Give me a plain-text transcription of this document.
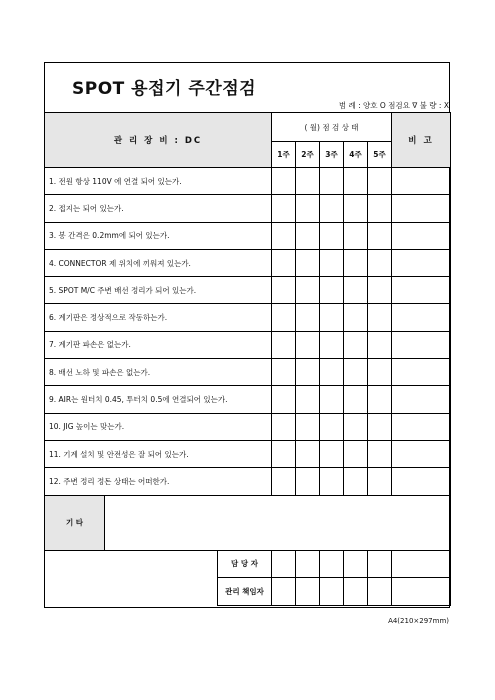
SPOT 용접기 주간점검
범 례 : 양호 O 점검요 ∇ 불 량 : X
관 리 장 비 : DC			( 월) 점 검 상 태					비 고
			1주	2주	3주	4주	5주	
1. 전원 항상 110V 에 연결 되어 있는가.								
2. 접지는 되어 있는가.								
3. 봉 간격은 0.2mm에 되어 있는가.								
4. CONNECTOR 제 위치에 끼워져 있는가.								
5. SPOT M/C 주변 배선 정리가 되어 있는가.								
6. 계기판은 정상적으로 작동하는가.								
7. 계기판 파손은 없는가.								
8. 배선 노하 및 파손은 없는가.								
9. AIR는 원터치 0.45, 투터치 0.5에 연결되어 있는가.								
10. JIG 높이는 맞는가.								
11. 기계 설치 및 안전성은 잘 되어 있는가.								
12. 주변 정리 정돈 상태는 어떠한가.								
기 타								

		담 당 자						
		관리 책임자						
A4(210×297mm)
